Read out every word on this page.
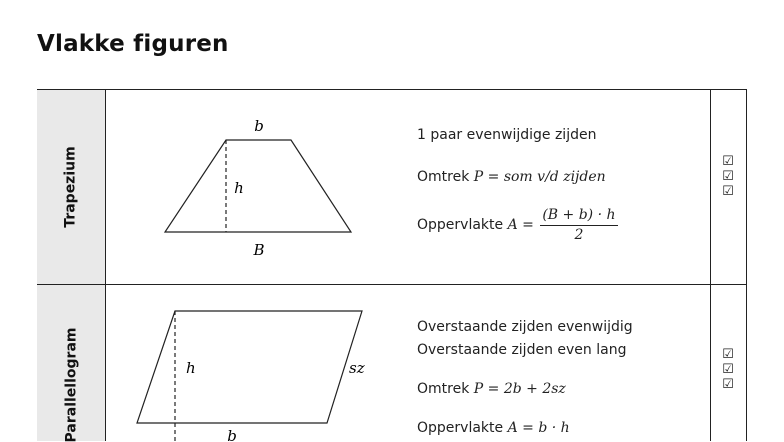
Vlakke figuren
Trapezium
b
h
B
1 paar evenwijdige zijden
Omtrek P = som v/d zijden
Oppervlakte $A = \frac{(B + b) \cdot h}{2}$
☑
☑
☑
Parallellogram	h	sz
b
Overstaande zijden evenwijdig
Overstaande zijden even lang
Omtrek P = 2b + 2sz
Oppervlakte A = b · h
☑
☑
☑
